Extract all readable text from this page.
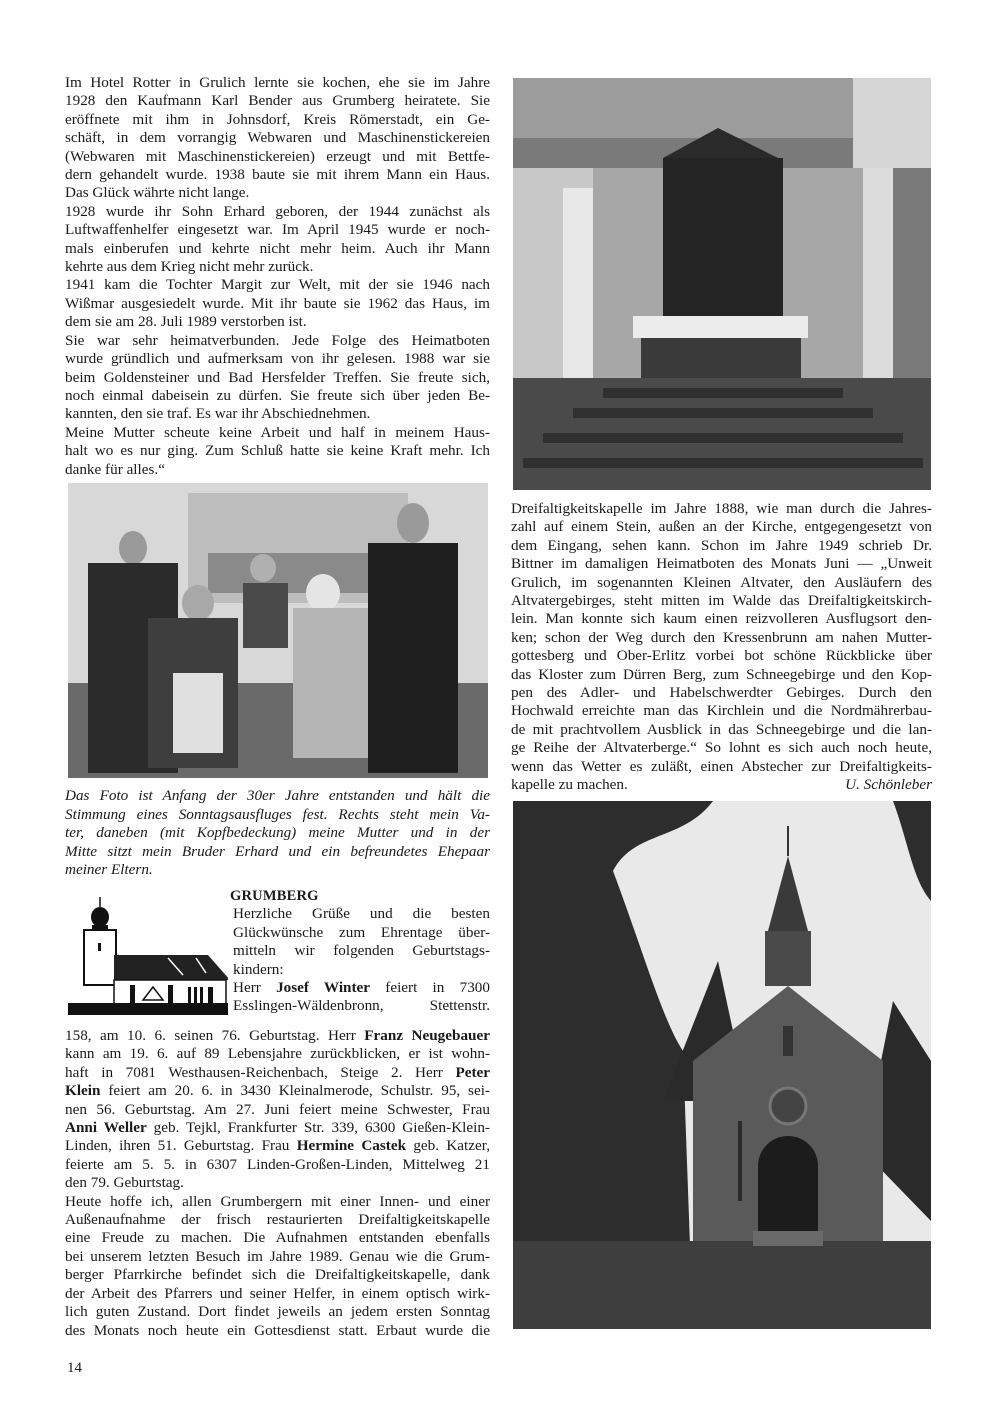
Im Hotel Rotter in Grulich lernte sie kochen, ehe sie im Jahre
1928 den Kaufmann Karl Bender aus Grumberg heiratete. Sie
eröffnete mit ihm in Johnsdorf, Kreis Römerstadt, ein Ge-
schäft, in dem vorrangig Webwaren und Maschinenstickereien
(Webwaren mit Maschinenstickereien) erzeugt und mit Bettfe-
dern gehandelt wurde. 1938 baute sie mit ihrem Mann ein Haus.
Das Glück währte nicht lange.
1928 wurde ihr Sohn Erhard geboren, der 1944 zunächst als
Luftwaffenhelfer eingesetzt war. Im April 1945 wurde er noch-
mals einberufen und kehrte nicht mehr heim. Auch ihr Mann
kehrte aus dem Krieg nicht mehr zurück.
1941 kam die Tochter Margit zur Welt, mit der sie 1946 nach
Wißmar ausgesiedelt wurde. Mit ihr baute sie 1962 das Haus, im
dem sie am 28. Juli 1989 verstorben ist.
Sie war sehr heimatverbunden. Jede Folge des Heimatboten
wurde gründlich und aufmerksam von ihr gelesen. 1988 war sie
beim Goldensteiner und Bad Hersfelder Treffen. Sie freute sich,
noch einmal dabeisein zu dürfen. Sie freute sich über jeden Be-
kannten, den sie traf. Es war ihr Abschiednehmen.
Meine Mutter scheute keine Arbeit und half in meinem Haus-
halt wo es nur ging. Zum Schluß hatte sie keine Kraft mehr. Ich
danke für alles.“
Das Foto ist Anfang der 30er Jahre entstanden und hält die
Stimmung eines Sonntagsausfluges fest. Rechts steht mein Va-
ter, daneben (mit Kopfbedeckung) meine Mutter und in der
Mitte sitzt mein Bruder Erhard und ein befreundetes Ehepaar
meiner Eltern.
GRUMBERG
Herzliche Grüße und die besten
Glückwünsche zum Ehrentage über-
mitteln wir folgenden Geburtstags-
kindern:
Herr Josef Winter feiert in 7300
Esslingen-Wäldenbronn, Stettenstr.
158, am 10. 6. seinen 76. Geburtstag. Herr Franz Neugebauer
kann am 19. 6. auf 89 Lebensjahre zurückblicken, er ist wohn-
haft in 7081 Westhausen-Reichenbach, Steige 2. Herr Peter
Klein feiert am 20. 6. in 3430 Kleinalmerode, Schulstr. 95, sei-
nen 56. Geburtstag. Am 27. Juni feiert meine Schwester, Frau
Anni Weller geb. Tejkl, Frankfurter Str. 339, 6300 Gießen-Klein-
Linden, ihren 51. Geburtstag. Frau Hermine Castek geb. Katzer,
feierte am 5. 5. in 6307 Linden-Großen-Linden, Mittelweg 21
den 79. Geburtstag.
Heute hoffe ich, allen Grumbergern mit einer Innen- und einer
Außenaufnahme der frisch restaurierten Dreifaltigkeitskapelle
eine Freude zu machen. Die Aufnahmen entstanden ebenfalls
bei unserem letzten Besuch im Jahre 1989. Genau wie die Grum-
berger Pfarrkirche befindet sich die Dreifaltigkeitskapelle, dank
der Arbeit des Pfarrers und seiner Helfer, in einem optisch wirk-
lich guten Zustand. Dort findet jeweils an jedem ersten Sonntag
des Monats noch heute ein Gottesdienst statt. Erbaut wurde die
14
Dreifaltigkeitskapelle im Jahre 1888, wie man durch die Jahres-
zahl auf einem Stein, außen an der Kirche, entgegengesetzt von
dem Eingang, sehen kann. Schon im Jahre 1949 schrieb Dr.
Bittner im damaligen Heimatboten des Monats Juni — „Unweit
Grulich, im sogenannten Kleinen Altvater, den Ausläufern des
Altvatergebirges, steht mitten im Walde das Dreifaltigkeitskirch-
lein. Man konnte sich kaum einen reizvolleren Ausflugsort den-
ken; schon der Weg durch den Kressenbrunn am nahen Mutter-
gottesberg und Ober-Erlitz vorbei bot schöne Rückblicke über
das Kloster zum Dürren Berg, zum Schneegebirge und den Kop-
pen des Adler- und Habelschwerdter Gebirges. Durch den
Hochwald erreichte man das Kirchlein und die Nordmährerbau-
de mit prachtvollem Ausblick in das Schneegebirge und die lan-
ge Reihe der Altvaterberge.“ So lohnt es sich auch noch heute,
wenn das Wetter es zuläßt, einen Abstecher zur Dreifaltigkeits-
kapelle zu machen.	U. Schönleber
